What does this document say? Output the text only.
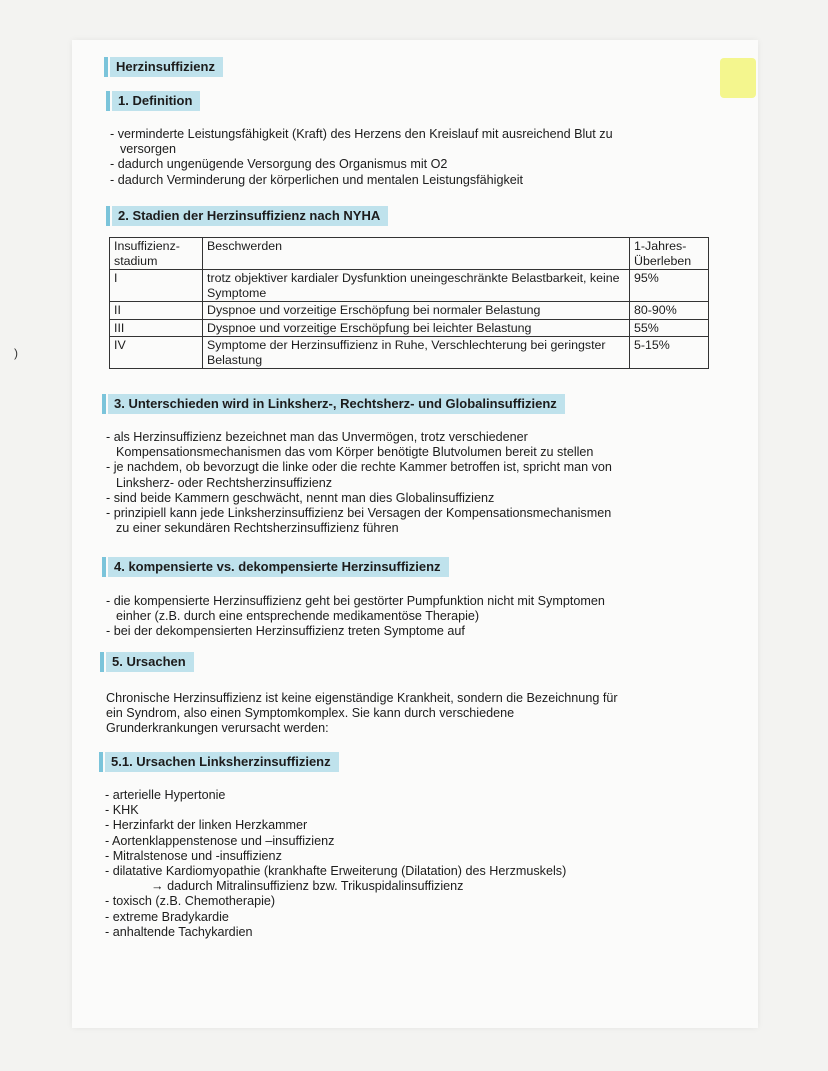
)
Herzinsuffizienz
1. Definition

- verminderte Leistungsfähigkeit (Kraft) des Herzens den Kreislauf mit ausreichend Blut zu

versorgen

- dadurch ungenügende Versorgung des Organismus mit O2

- dadurch Verminderung der körperlichen und mentalen Leistungsfähigkeit

2. Stadien der Herzinsuffizienz nach NYHA
Insuffizienz-stadium	Beschwerden	1-Jahres-Überleben
I	trotz objektiver kardialer Dysfunktion uneingeschränkte Belastbarkeit, keine Symptome	95%
II	Dyspnoe und vorzeitige Erschöpfung bei normaler Belastung	80-90%
III	Dyspnoe und vorzeitige Erschöpfung bei leichter Belastung	55%
IV	Symptome der Herzinsuffizienz in Ruhe, Verschlechterung bei geringster Belastung	5-15%
3. Unterschieden wird in Linksherz-, Rechtsherz- und Globalinsuffizienz

- als Herzinsuffizienz bezeichnet man das Unvermögen, trotz verschiedener

Kompensationsmechanismen das vom Körper benötigte Blutvolumen bereit zu stellen

- je nachdem, ob bevorzugt die linke oder die rechte Kammer betroffen ist, spricht man von

Linksherz- oder Rechtsherzinsuffizienz

- sind beide Kammern geschwächt, nennt man dies Globalinsuffizienz

- prinzipiell kann jede Linksherzinsuffizienz bei Versagen der Kompensationsmechanismen

zu einer sekundären Rechtsherzinsuffizienz führen

4. kompensierte vs. dekompensierte Herzinsuffizienz

- die kompensierte Herzinsuffizienz geht bei gestörter Pumpfunktion nicht mit Symptomen

einher (z.B. durch eine entsprechende medikamentöse Therapie)

- bei der dekompensierten Herzinsuffizienz treten Symptome auf

5. Ursachen

Chronische Herzinsuffizienz ist keine eigenständige Krankheit, sondern die Bezeichnung für

ein Syndrom, also einen Symptomkomplex. Sie kann durch verschiedene

Grunderkrankungen verursacht werden:

5.1. Ursachen Linksherzinsuffizienz

- arterielle Hypertonie

- KHK

- Herzinfarkt der linken Herzkammer

- Aortenklappenstenose und –insuffizienz

- Mitralstenose und -insuffizienz

- dilatative Kardiomyopathie (krankhafte Erweiterung (Dilatation) des Herzmuskels)

→ dadurch Mitralinsuffizienz bzw. Trikuspidalinsuffizienz

- toxisch (z.B. Chemotherapie)

- extreme Bradykardie

- anhaltende Tachykardien
